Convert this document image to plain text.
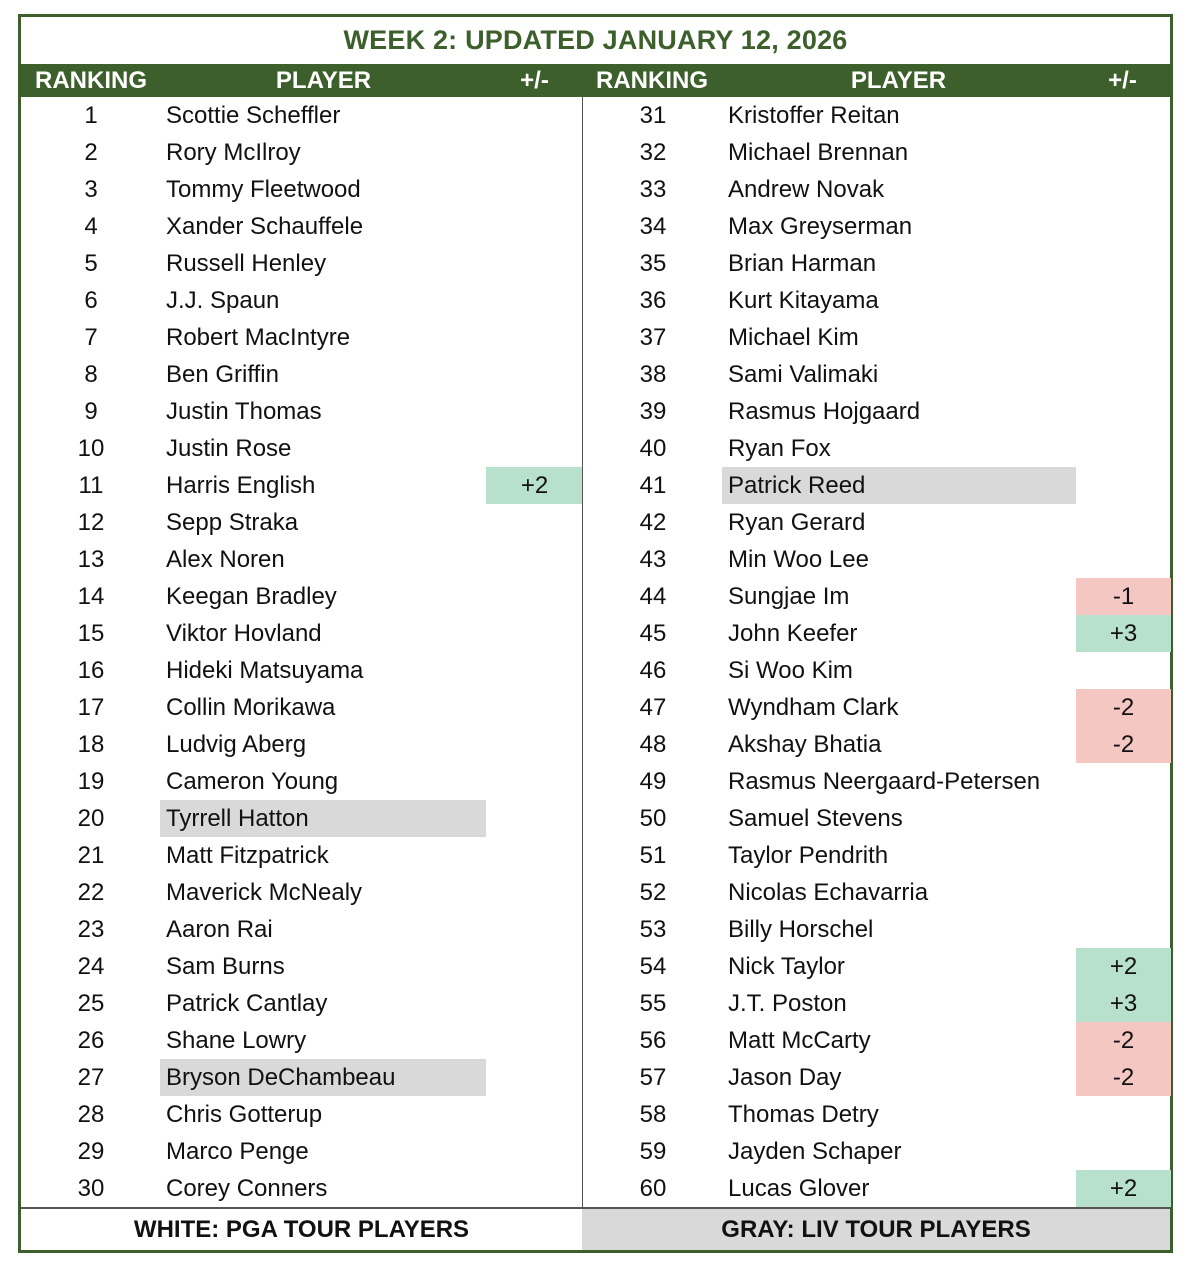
WEEK 2: UPDATED JANUARY 12, 2026
RANKING	PLAYER	+/-	RANKING	PLAYER	+/-
1	Scottie Scheffler
2	Rory McIlroy
3	Tommy Fleetwood
4	Xander Schauffele
5	Russell Henley
6	J.J. Spaun
7	Robert MacIntyre
8	Ben Griffin
9	Justin Thomas
10	Justin Rose
11	Harris English	+2
12	Sepp Straka
13	Alex Noren
14	Keegan Bradley
15	Viktor Hovland
16	Hideki Matsuyama
17	Collin Morikawa
18	Ludvig Aberg
19	Cameron Young
20	Tyrrell Hatton
21	Matt Fitzpatrick
22	Maverick McNealy
23	Aaron Rai
24	Sam Burns
25	Patrick Cantlay
26	Shane Lowry
27	Bryson DeChambeau
28	Chris Gotterup
29	Marco Penge
30	Corey Conners
31	Kristoffer Reitan
32	Michael Brennan
33	Andrew Novak
34	Max Greyserman
35	Brian Harman
36	Kurt Kitayama
37	Michael Kim
38	Sami Valimaki
39	Rasmus Hojgaard
40	Ryan Fox
41	Patrick Reed
42	Ryan Gerard
43	Min Woo Lee
44	Sungjae Im	-1
45	John Keefer	+3
46	Si Woo Kim
47	Wyndham Clark	-2
48	Akshay Bhatia	-2
49	Rasmus Neergaard-Petersen
50	Samuel Stevens
51	Taylor Pendrith
52	Nicolas Echavarria
53	Billy Horschel
54	Nick Taylor	+2
55	J.T. Poston	+3
56	Matt McCarty	-2
57	Jason Day	-2
58	Thomas Detry
59	Jayden Schaper
60	Lucas Glover	+2
WHITE: PGA TOUR PLAYERS	GRAY: LIV TOUR PLAYERS
